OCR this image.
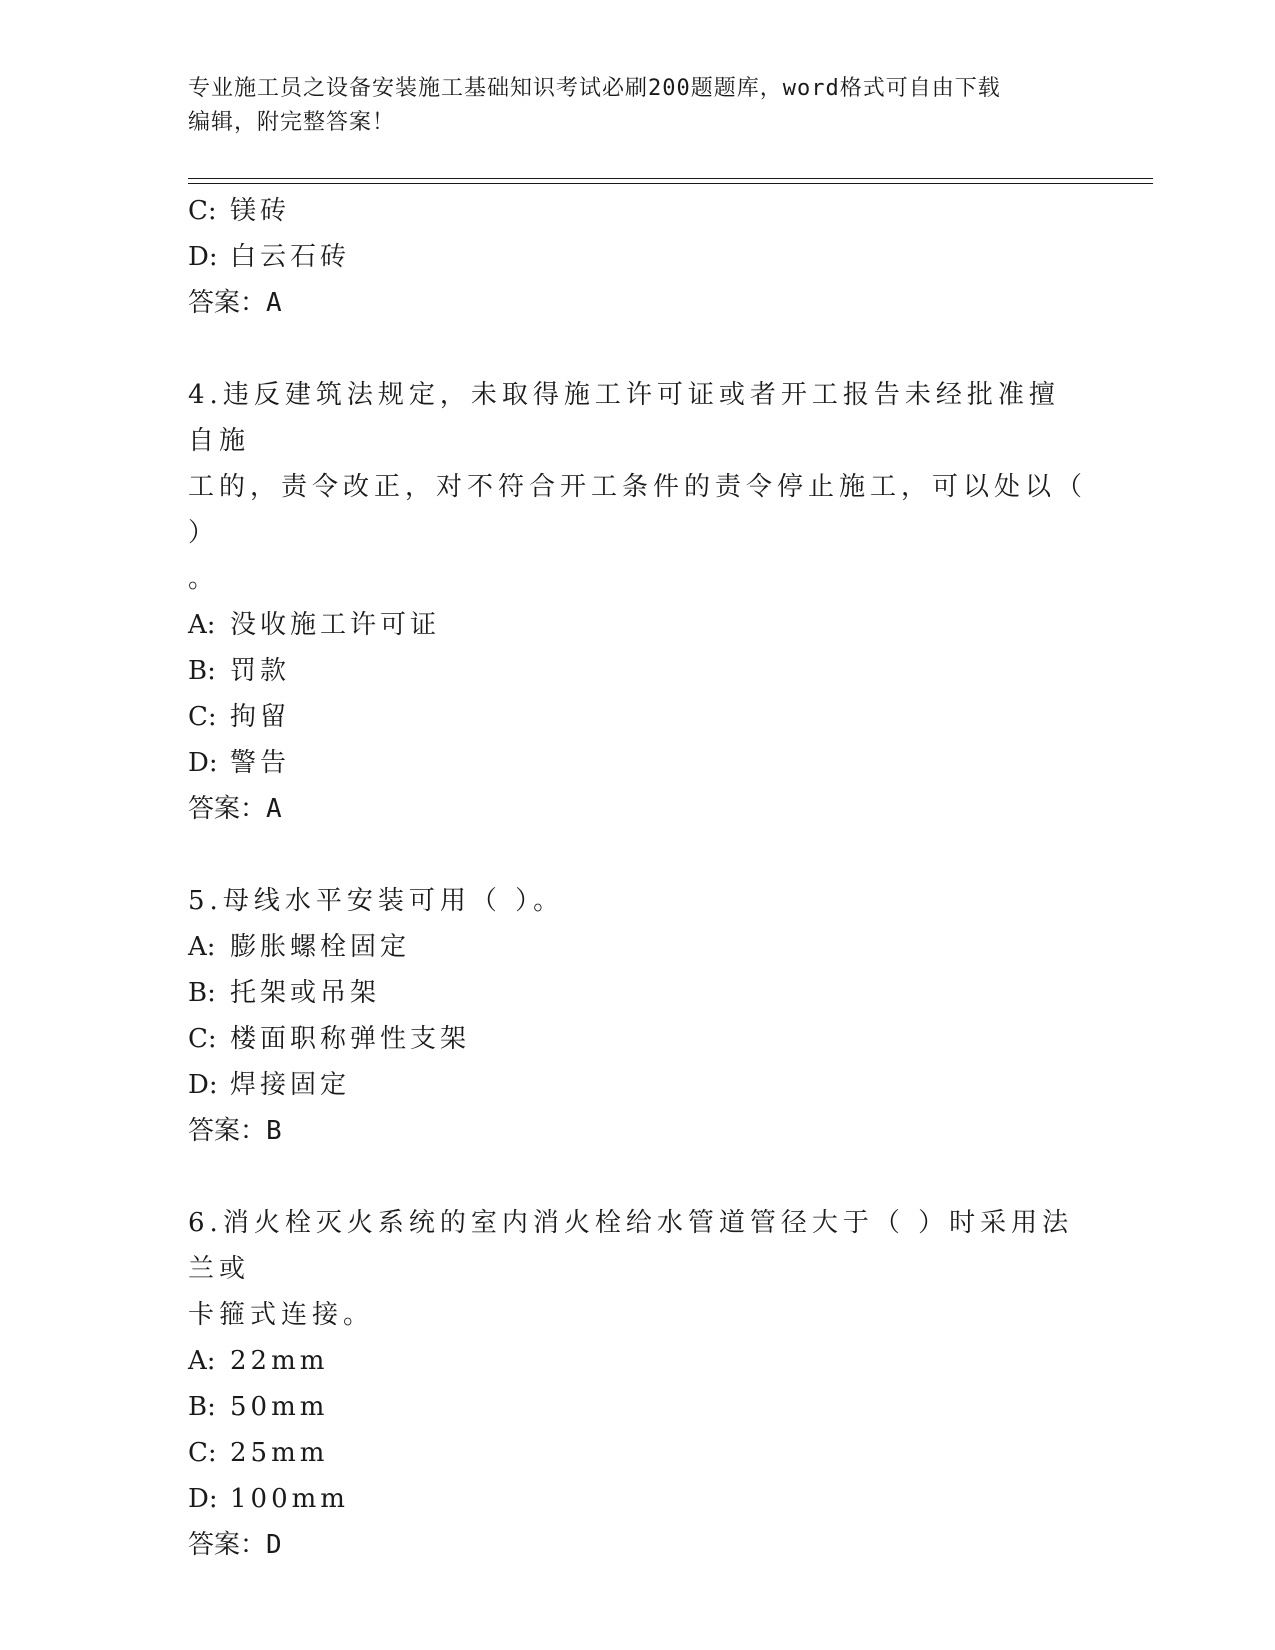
专业施工员之设备安装施工基础知识考试必刷200题题库，word格式可自由下载
编辑，附完整答案！
C: 镁砖
D: 白云石砖
答案：A
4.违反建筑法规定，未取得施工许可证或者开工报告未经批准擅自施
工的，责令改正，对不符合开工条件的责令停止施工，可以处以（ ）
。
A: 没收施工许可证
B: 罚款
C: 拘留
D: 警告
答案：A
5.母线水平安装可用（ ）。
A: 膨胀螺栓固定
B: 托架或吊架
C: 楼面职称弹性支架
D: 焊接固定
答案：B
6.消火栓灭火系统的室内消火栓给水管道管径大于（ ）时采用法兰或
卡箍式连接。
A: 22mm
B: 50mm
C: 25mm
D: 100mm
答案：D
